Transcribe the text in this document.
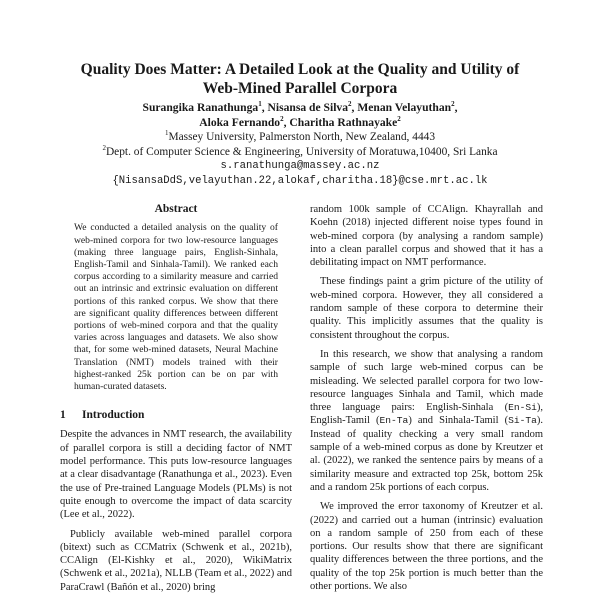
Quality Does Matter: A Detailed Look at the Quality and Utility of
Web-Mined Parallel Corpora
Surangika Ranathunga$^1$, Nisansa de Silva$^2$, Menan Velayuthan$^2$,
Aloka Fernando$^2$, Charitha Rathnayake$^2$
$^1$Massey University, Palmerston North, New Zealand, 4443
$^2$Dept. of Computer Science & Engineering, University of Moratuwa,10400, Sri Lanka
s.ranathunga@massey.ac.nz
{NisansaDdS,velayuthan.22,alokaf,charitha.18}@cse.mrt.ac.lk
Abstract

We conducted a detailed analysis on the quality of web-mined corpora for two low-resource languages (making three language pairs, English-Sinhala, English-Tamil and Sinhala-Tamil). We ranked each corpus according to a similarity measure and carried out an intrinsic and extrinsic evaluation on different portions of this ranked corpus. We show that there are significant quality differences between different portions of web-mined corpora and that the quality varies across languages and datasets. We also show that, for some web-mined datasets, Neural Machine Translation (NMT) models trained with their highest-ranked 25k portion can be on par with human-curated datasets.

1 Introduction

Despite the advances in NMT research, the availability of parallel corpora is still a deciding factor of NMT model performance. This puts low-resource languages at a clear disadvantage (Ranathunga et al., 2023). Even the use of Pre-trained Language Models (PLMs) is not quite enough to overcome the impact of data scarcity (Lee et al., 2022).

Publicly available web-mined parallel corpora (bitext) such as CCMatrix (Schwenk et al., 2021b), CCAlign (El-Kishky et al., 2020), WikiMatrix (Schwenk et al., 2021a), NLLB (Team et al., 2022) and ParaCrawl (Bañón et al., 2020) bring

random 100k sample of CCAlign. Khayrallah and Koehn (2018) injected different noise types found in web-mined corpora (by analysing a random sample) into a clean parallel corpus and showed that it has a debilitating impact on NMT performance.

These findings paint a grim picture of the utility of web-mined corpora. However, they all considered a random sample of these corpora to determine their quality. This implicitly assumes that the quality is consistent throughout the corpus.

In this research, we show that analysing a random sample of such large web-mined corpus can be misleading. We selected parallel corpora for two low-resource languages Sinhala and Tamil, which made three language pairs: English-Sinhala (En-Si), English-Tamil (En-Ta) and Sinhala-Tamil (Si-Ta). Instead of quality checking a very small random sample of a web-mined corpus as done by Kreutzer et al. (2022), we ranked the sentence pairs by means of a similarity measure and extracted top 25k, bottom 25k and a random 25k portions of each corpus.

We improved the error taxonomy of Kreutzer et al. (2022) and carried out a human (intrinsic) evaluation on a random sample of 250 from each of these portions. Our results show that there are significant quality differences between the three portions, and the quality of the top 25k portion is much better than the other portions. We also
